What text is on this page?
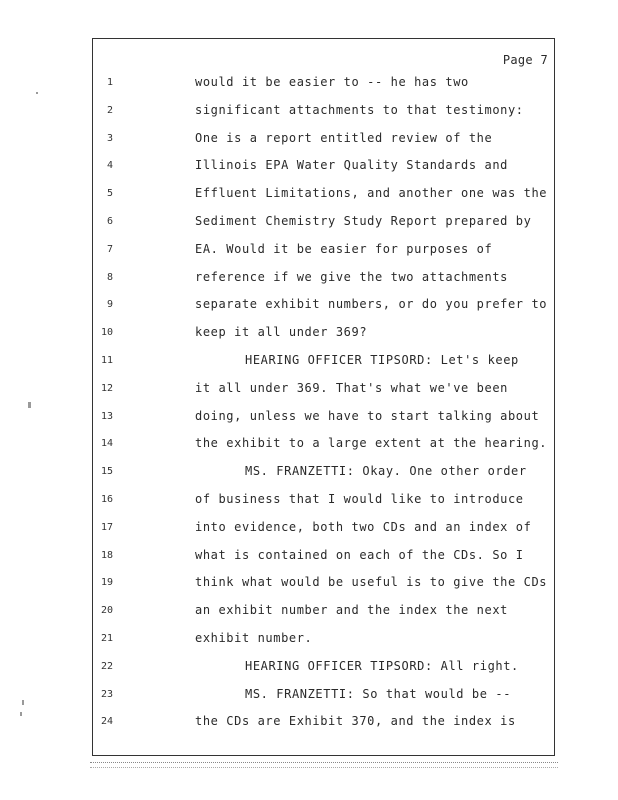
Page 7
1	would it be easier to -- he has two
2	significant attachments to that testimony:
3	One is a report entitled review of the
4	Illinois EPA Water Quality Standards and
5	Effluent Limitations, and another one was the
6	Sediment Chemistry Study Report prepared by
7	EA. Would it be easier for purposes of
8	reference if we give the two attachments
9	separate exhibit numbers, or do you prefer to
10	keep it all under 369?
11	HEARING OFFICER TIPSORD: Let's keep
12	it all under 369. That's what we've been
13	doing, unless we have to start talking about
14	the exhibit to a large extent at the hearing.
15	MS. FRANZETTI: Okay. One other order
16	of business that I would like to introduce
17	into evidence, both two CDs and an index of
18	what is contained on each of the CDs. So I
19	think what would be useful is to give the CDs
20	an exhibit number and the index the next
21	exhibit number.
22	HEARING OFFICER TIPSORD: All right.
23	MS. FRANZETTI: So that would be --
24	the CDs are Exhibit 370, and the index is
